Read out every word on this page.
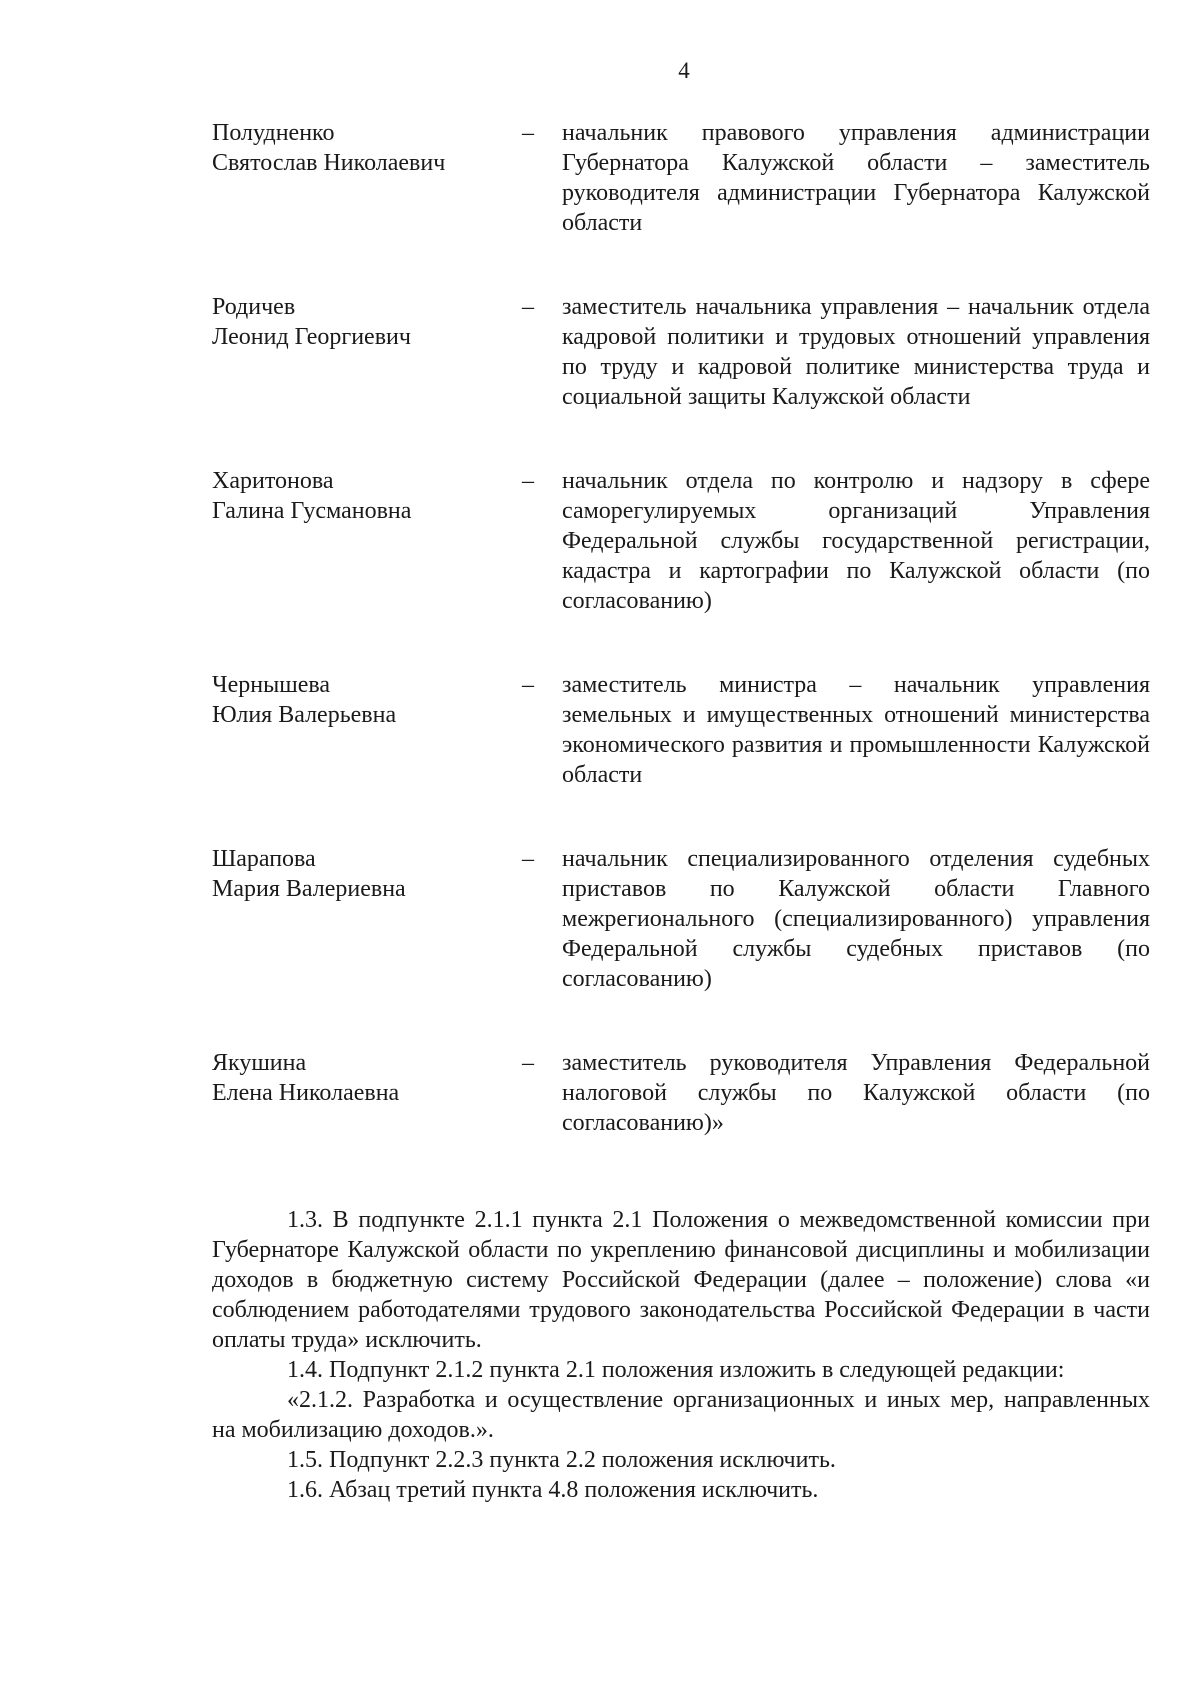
4
Полудненко
Святослав Николаевич
–	начальник правового управления администрации Губернатора Калужской области – заместитель руководителя администрации Губернатора Калужской области
Родичев
Леонид Георгиевич
–	заместитель начальника управления – начальник отдела кадровой политики и трудовых отношений управления по труду и кадровой политике министерства труда и социальной защиты Калужской области
Харитонова
Галина Гусмановна
–	начальник отдела по контролю и надзору в сфере саморегулируемых организаций Управления Федеральной службы государственной регистрации, кадастра и картографии по Калужской области (по согласованию)
Чернышева
Юлия Валерьевна
–	заместитель министра – начальник управления земельных и имущественных отношений министерства экономического развития и промышленности Калужской области
Шарапова
Мария Валериевна
–	начальник специализированного отделения судебных приставов по Калужской области Главного межрегионального (специализированного) управления Федеральной службы судебных приставов (по согласованию)
Якушина
Елена Николаевна
–	заместитель руководителя Управления Федеральной налоговой службы по Калужской области (по согласованию)»

1.3. В подпункте 2.1.1 пункта 2.1 Положения о межведомственной комиссии при Губернаторе Калужской области по укреплению финансовой дисциплины и мобилизации доходов в бюджетную систему Российской Федерации (далее – положение) слова «и соблюдением работодателями трудового законодательства Российской Федерации в части оплаты труда» исключить.

1.4. Подпункт 2.1.2 пункта 2.1 положения изложить в следующей редакции:

«2.1.2. Разработка и осуществление организационных и иных мер, направленных на мобилизацию доходов.».

1.5. Подпункт 2.2.3 пункта 2.2 положения исключить.

1.6. Абзац третий пункта 4.8 положения исключить.
